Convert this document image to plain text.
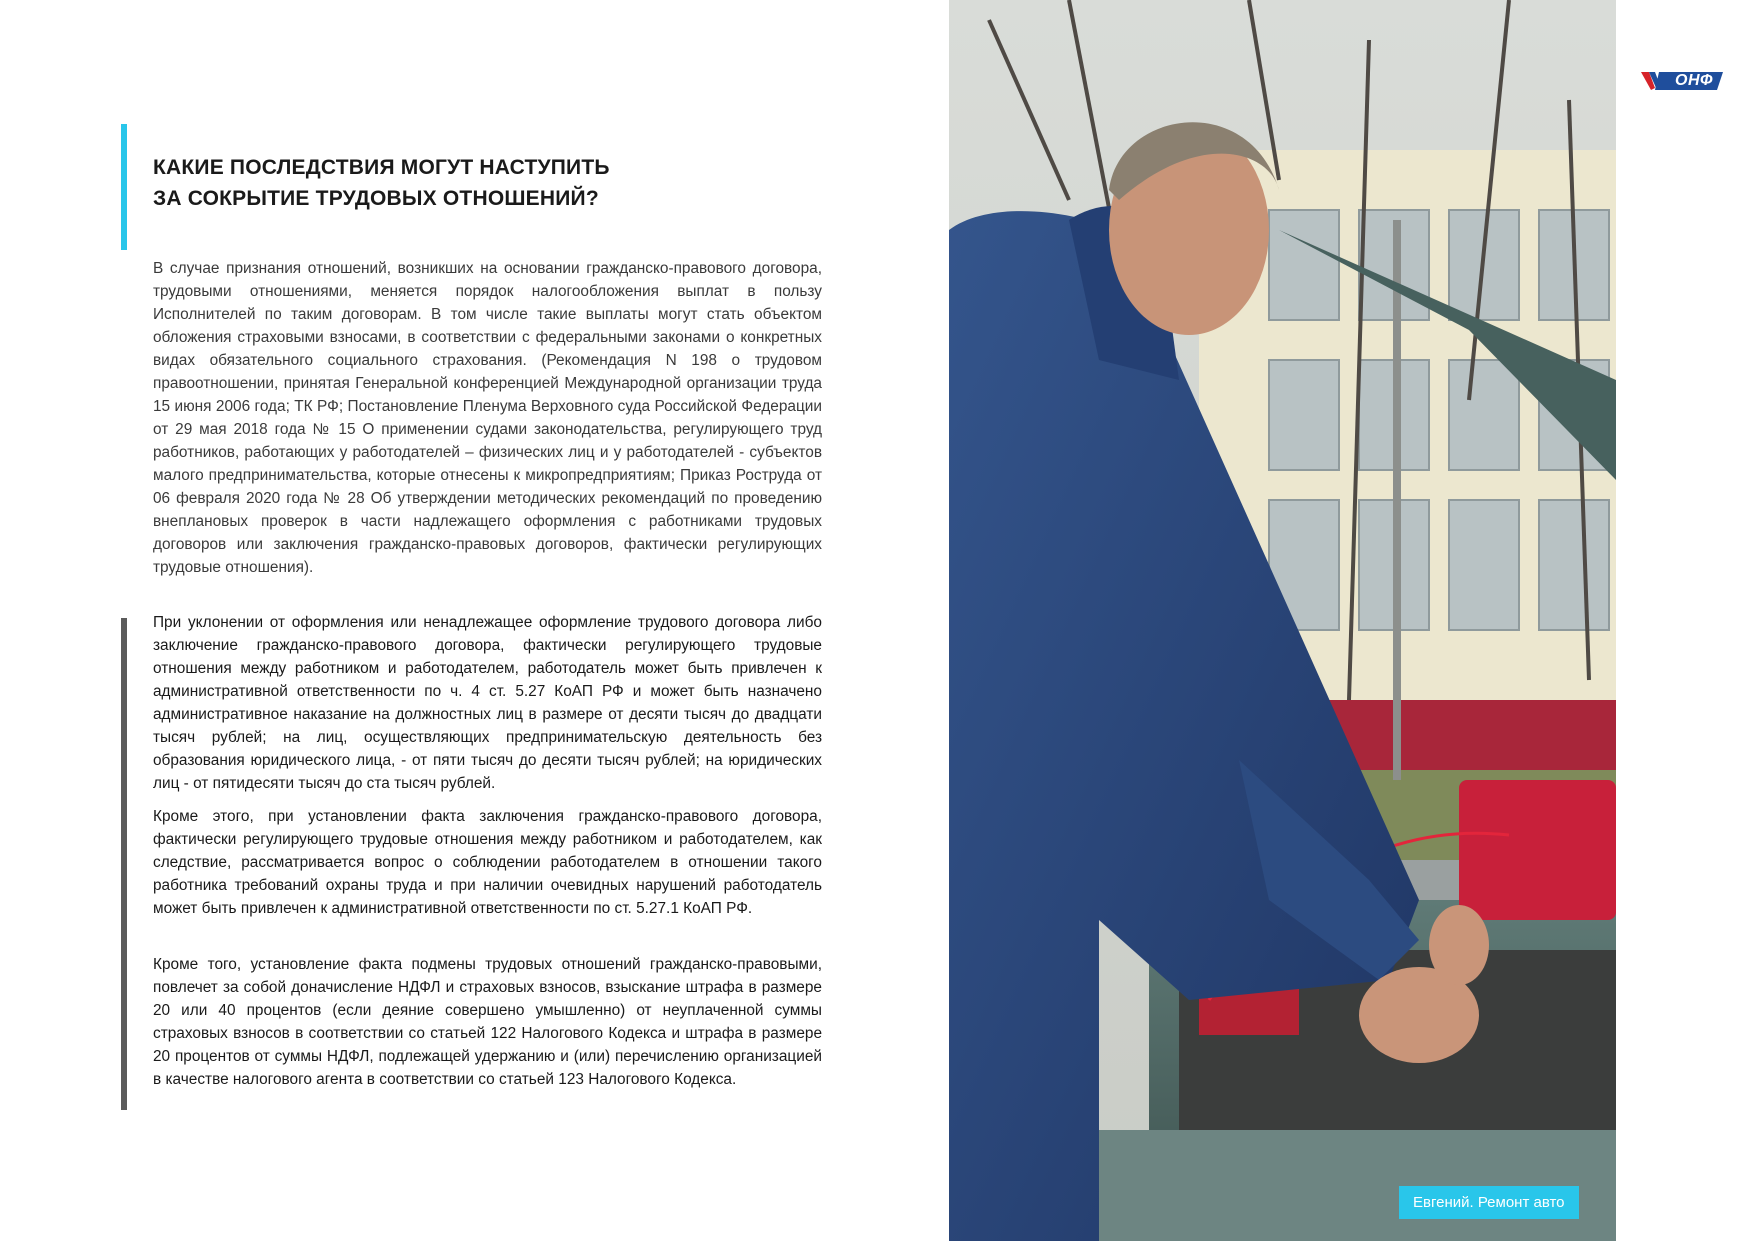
КАКИЕ ПОСЛЕДСТВИЯ МОГУТ НАСТУПИТЬ
ЗА СОКРЫТИЕ ТРУДОВЫХ ОТНОШЕНИЙ?

В случае признания отношений, возникших на основании гражданско-правового договора, трудовыми отношениями, меняется порядок налогообложения выплат в пользу Исполнителей по таким договорам. В том числе такие выплаты могут стать объектом обложения страховыми взносами, в соответствии с федеральными законами о конкретных видах обязательного социального страхования. (Рекомендация N 198 о трудовом правоотношении, принятая Генеральной конференцией Международной организации труда 15 июня 2006 года; ТК РФ; Постановление Пленума Верховного суда Российской Федерации от 29 мая 2018 года № 15 О применении судами законодательства, регулирующего труд работников, работающих у работодателей – физических лиц и у работодателей - субъектов малого предпринимательства, которые отнесены к микропредприятиям; Приказ Роструда от 06 февраля 2020 года № 28 Об утверждении методических рекомендаций по проведению внеплановых проверок в части надлежащего оформления с работниками трудовых договоров или заключения гражданско-правовых договоров, фактически регулирующих трудовые отношения).

При уклонении от оформления или ненадлежащее оформление трудового договора либо заключение гражданско-правового договора, фактически регулирующего трудовые отношения между работником и работодателем, работодатель может быть привлечен к административной ответственности по ч. 4 ст. 5.27 КоАП РФ и может быть назначено административное наказание на должностных лиц в размере от десяти тысяч до двадцати тысяч рублей; на лиц, осуществляющих предпринимательскую деятельность без образования юридического лица, - от пяти тысяч до десяти тысяч рублей; на юридических лиц - от пятидесяти тысяч до ста тысяч рублей.

Кроме этого, при установлении факта заключения гражданско-правового договора, фактически регулирующего трудовые отношения между работником и работодателем, как следствие, рассматривается вопрос о соблюдении работодателем в отношении такого работника требований охраны труда и при наличии очевидных нарушений работодатель может быть привлечен к административной ответственности по ст. 5.27.1 КоАП РФ.

Кроме того, установление факта подмены трудовых отношений гражданско-правовыми, повлечет за собой доначисление НДФЛ и страховых взносов, взыскание штрафа в размере 20 или 40 процентов (если деяние совершено умышленно) от неуплаченной суммы страховых взносов в соответствии со статьей 122 Налогового Кодекса и штрафа в размере 20 процентов от суммы НДФЛ, подлежащей удержанию и (или) перечислению организацией в качестве налогового агента в соответствии со статьей 123 Налогового Кодекса.

Евгений. Ремонт авто
ОНФ
